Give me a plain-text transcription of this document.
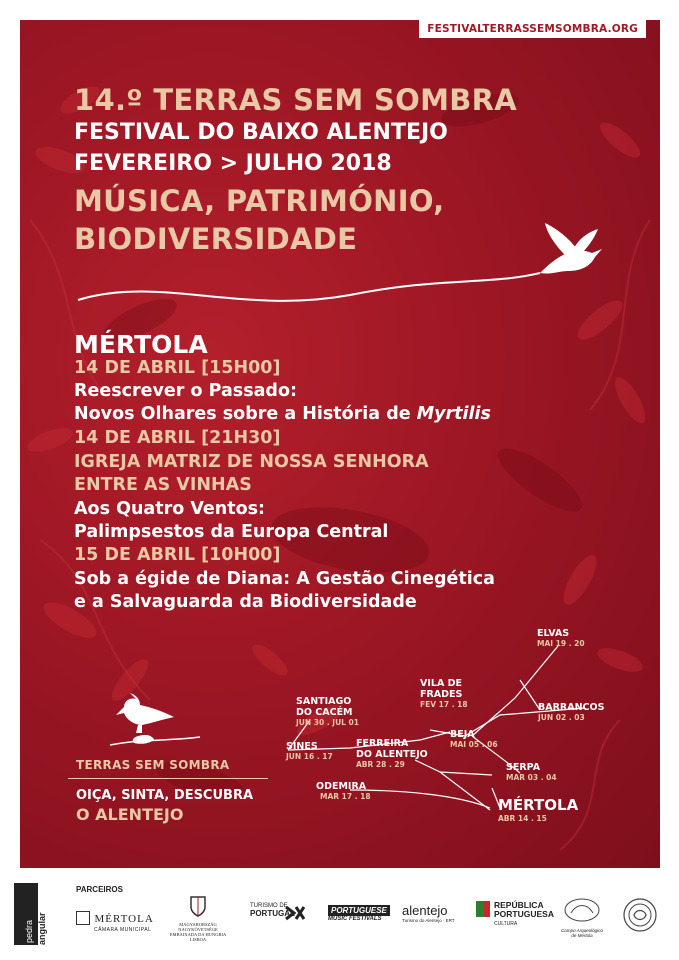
FESTIVALTERRASSEMSOMBRA.ORG
14.º TERRAS SEM SOMBRA
FESTIVAL DO BAIXO ALENTEJO
FEVEREIRO > JULHO 2018
MÚSICA, PATRIMÓNIO,
BIODIVERSIDADE
MÉRTOLA
14 DE ABRIL [15H00]
Reescrever o Passado:
Novos Olhares sobre a História de Myrtilis
14 DE ABRIL [21H30]
IGREJA MATRIZ DE NOSSA SENHORA
ENTRE AS VINHAS
Aos Quatro Ventos:
Palimpsestos da Europa Central
15 DE ABRIL [10H00]
Sob a égide de Diana: A Gestão Cinegética
e a Salvaguarda da Biodiversidade
TERRAS SEM SOMBRA
OIÇA, SINTA, DESCUBRA
O ALENTEJO
ELVAS
MAI 19 . 20
VILA DE
FRADES
FEV 17 . 18
SANTIAGO
DO CACÉM
JUN 30 . JUL 01
BARRANCOS
JUN 02 . 03
BEJA
MAI 05 . 06
FERREIRA
DO ALENTEJO
ABR 28 . 29
SINES
JUN 16 . 17
SERPA
MAR 03 . 04
ODEMIRA
MAR 17 . 18	MÉRTOLA
ABR 14 . 15
pedra angular
PARCEIROS
MÉRTOLA
CÂMARA MUNICIPAL
MAGYARORSZÁG NAGYKÖVETSÉGE
EMBAIXADA DA HUNGRIA
LISBOA
TURISMO DE
PORTUGAL	PORTUGUESE
MUSIC FESTIVALS
alentejo
Turismo do Alentejo · ERT
REPÚBLICA
PORTUGUESA
CULTURA
Campo Arqueológico de Mértola
